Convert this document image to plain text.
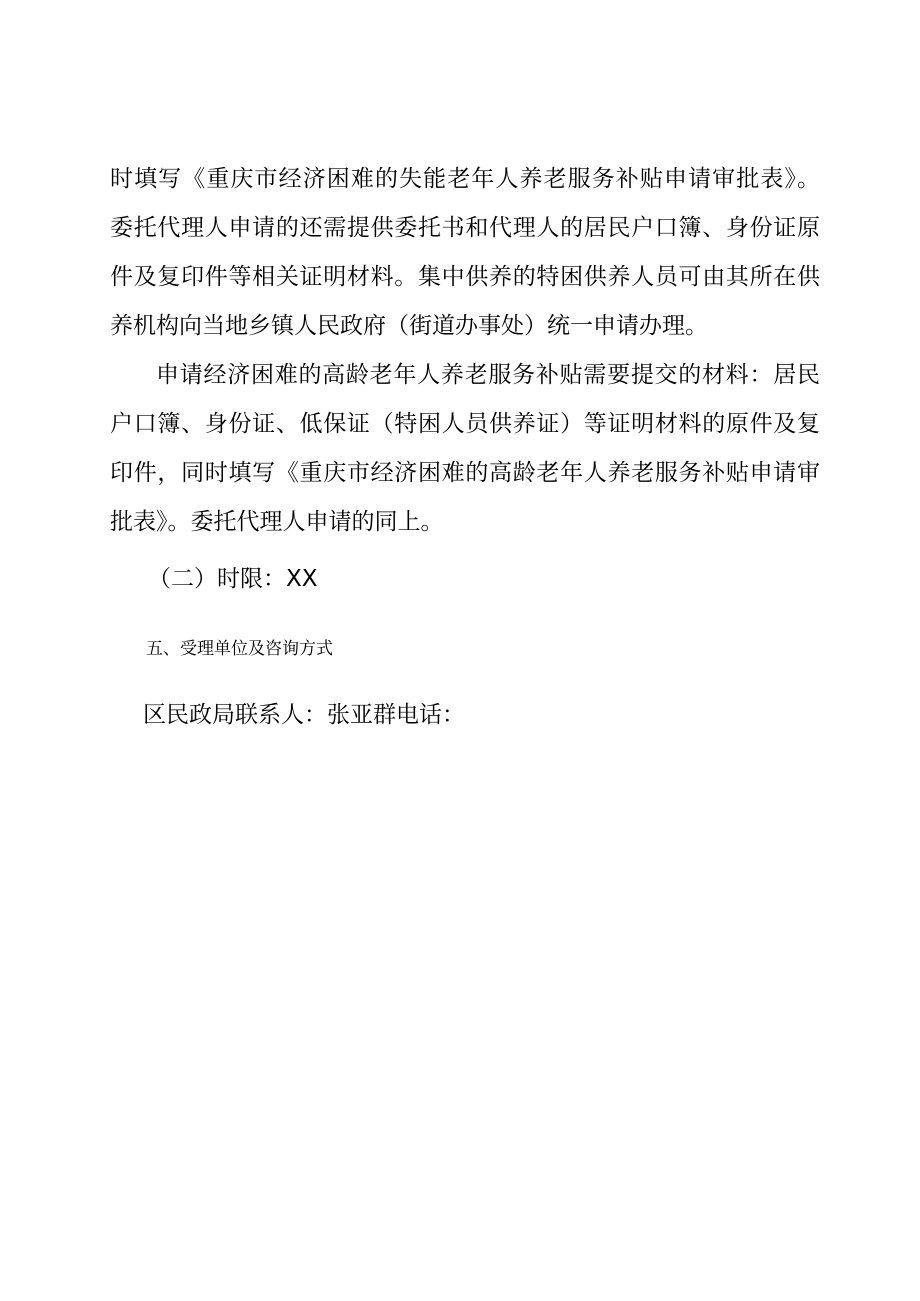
时填写《重庆市经济困难的失能老年人养老服务补贴申请审批表》。
委托代理人申请的还需提供委托书和代理人的居民户口簿、身份证原
件及复印件等相关证明材料。集中供养的特困供养人员可由其所在供
养机构向当地乡镇人民政府（街道办事处）统一申请办理。
申请经济困难的高龄老年人养老服务补贴需要提交的材料：居民
户口簿、身份证、低保证（特困人员供养证）等证明材料的原件及复
印件，同时填写《重庆市经济困难的高龄老年人养老服务补贴申请审
批表》。委托代理人申请的同上。

（二）时限：XX

五、受理单位及咨询方式

区民政局联系人：张亚群电话：
